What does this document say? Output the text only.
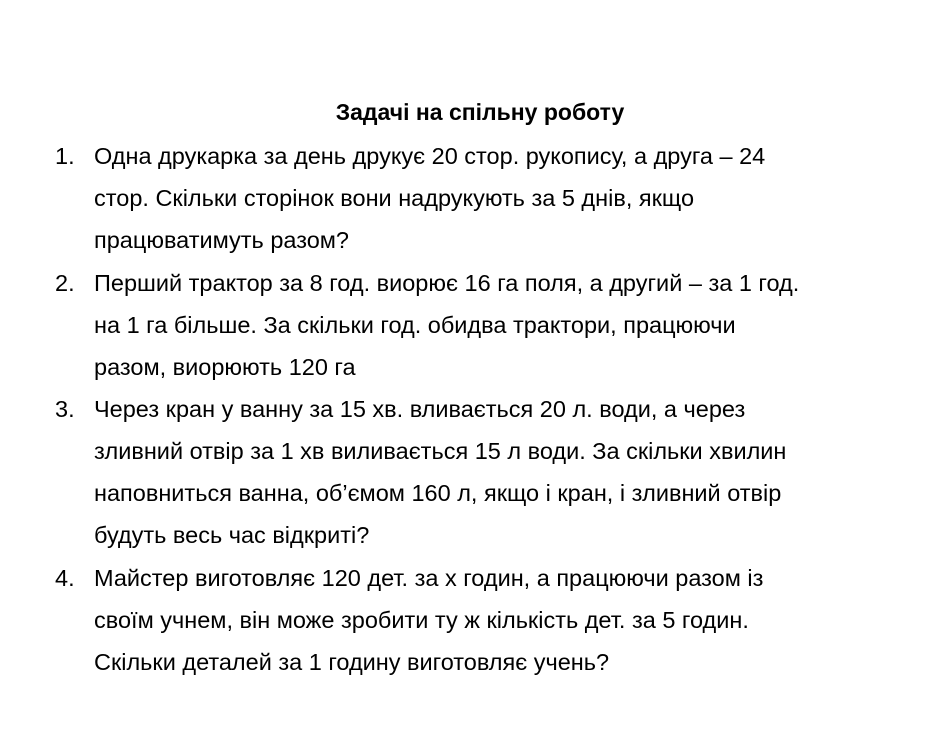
Задачі на спільну роботу
1. Одна друкарка за день друкує 20 стор. рукопису, а друга – 24
стор. Скільки сторінок вони надрукують за 5 днів, якщо
працюватимуть разом?
2. Перший трактор за 8 год. виорює 16 га поля, а другий – за 1 год.
на 1 га більше. За скільки год. обидва трактори, працюючи
разом, виорюють 120 га
3. Через кран у ванну за 15 хв. вливається 20 л. води, а через
зливний отвір за 1 хв виливається 15 л води. За скільки хвилин
наповниться ванна, об’ємом 160 л, якщо і кран, і зливний отвір
будуть весь час відкриті?
4. Майстер виготовляє 120 дет. за х годин, а працюючи разом із
своїм учнем, він може зробити ту ж кількість дет. за 5 годин.
Скільки деталей за 1 годину виготовляє учень?
